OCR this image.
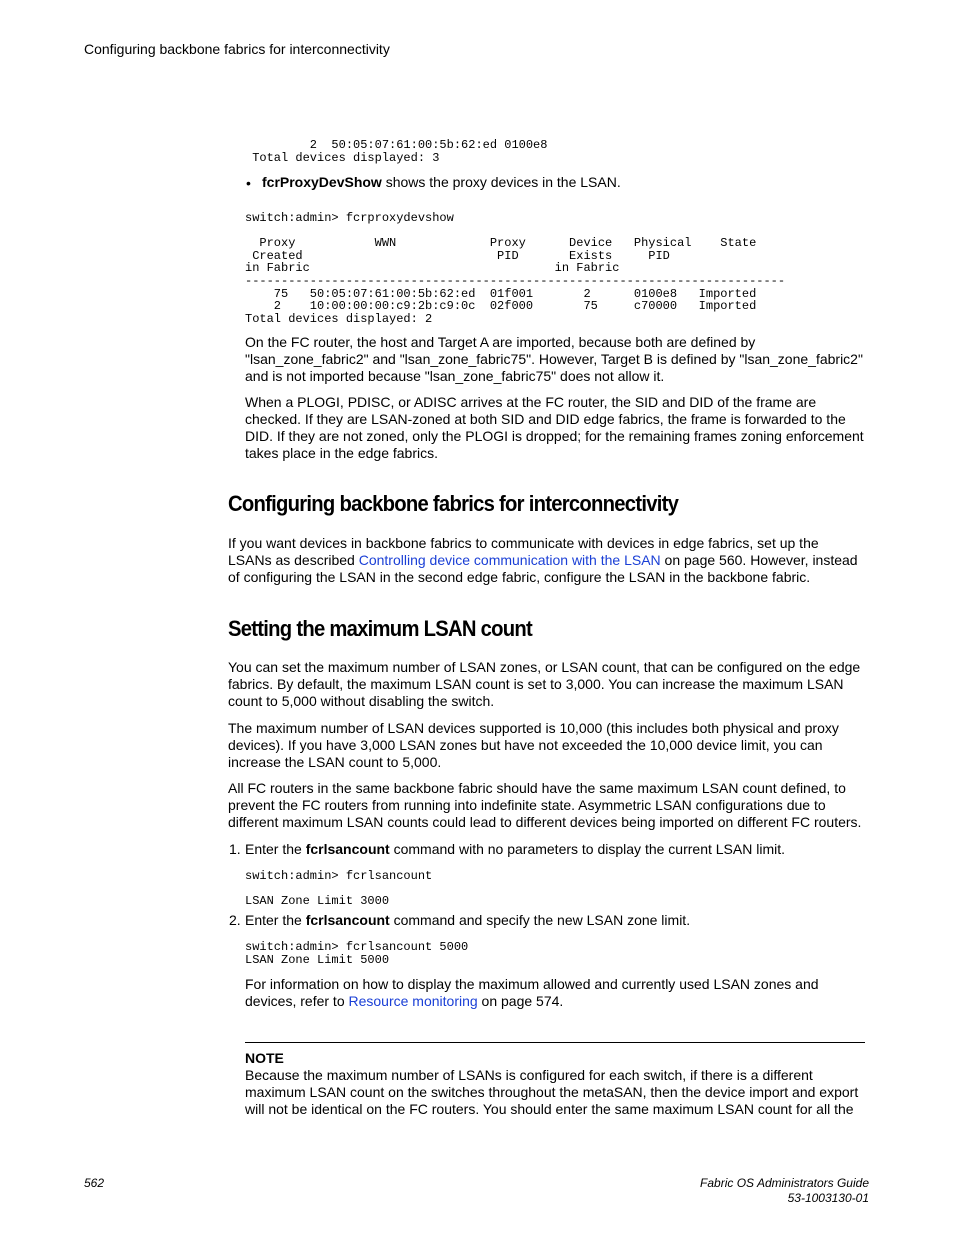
Configuring backbone fabrics for interconnectivity
2  50:05:07:61:00:5b:62:ed 0100e8
Total devices displayed: 3
• fcrProxyDevShow shows the proxy devices in the LSAN.

switch:admin> fcrproxydevshow

Proxy           WWN             Proxy      Device   Physical    State
Created                           PID       Exists     PID
in Fabric                                  in Fabric
---------------------------------------------------------------------------
75   50:05:07:61:00:5b:62:ed  01f001       2      0100e8   Imported
2    10:00:00:00:c9:2b:c9:0c  02f000       75     c70000   Imported
Total devices displayed: 2

On the FC router, the host and Target A are imported, because both are defined by "lsan_zone_fabric2" and "lsan_zone_fabric75". However, Target B is defined by "lsan_zone_fabric2" and is not imported because "lsan_zone_fabric75" does not allow it.

When a PLOGI, PDISC, or ADISC arrives at the FC router, the SID and DID of the frame are checked. If they are LSAN-zoned at both SID and DID edge fabrics, the frame is forwarded to the DID. If they are not zoned, only the PLOGI is dropped; for the remaining frames zoning enforcement takes place in the edge fabrics.

Configuring backbone fabrics for interconnectivity

If you want devices in backbone fabrics to communicate with devices in edge fabrics, set up the LSANs as described Controlling device communication with the LSAN on page 560. However, instead of configuring the LSAN in the second edge fabric, configure the LSAN in the backbone fabric.

Setting the maximum LSAN count

You can set the maximum number of LSAN zones, or LSAN count, that can be configured on the edge fabrics. By default, the maximum LSAN count is set to 3,000. You can increase the maximum LSAN count to 5,000 without disabling the switch.

The maximum number of LSAN devices supported is 10,000 (this includes both physical and proxy devices). If you have 3,000 LSAN zones but have not exceeded the 10,000 device limit, you can increase the LSAN count to 5,000.

All FC routers in the same backbone fabric should have the same maximum LSAN count defined, to prevent the FC routers from running into indefinite state. Asymmetric LSAN configurations due to different maximum LSAN counts could lead to different devices being imported on different FC routers.

1. Enter the fcrlsancount command with no parameters to display the current LSAN limit.

switch:admin> fcrlsancount

LSAN Zone Limit 3000
2. Enter the fcrlsancount command and specify the new LSAN zone limit.

switch:admin> fcrlsancount 5000
LSAN Zone Limit 5000

For information on how to display the maximum allowed and currently used LSAN zones and devices, refer to Resource monitoring on page 574.

NOTE

Because the maximum number of LSANs is configured for each switch, if there is a different maximum LSAN count on the switches throughout the metaSAN, then the device import and export will not be identical on the FC routers. You should enter the same maximum LSAN count for all the

562	Fabric OS Administrators Guide
53-1003130-01
